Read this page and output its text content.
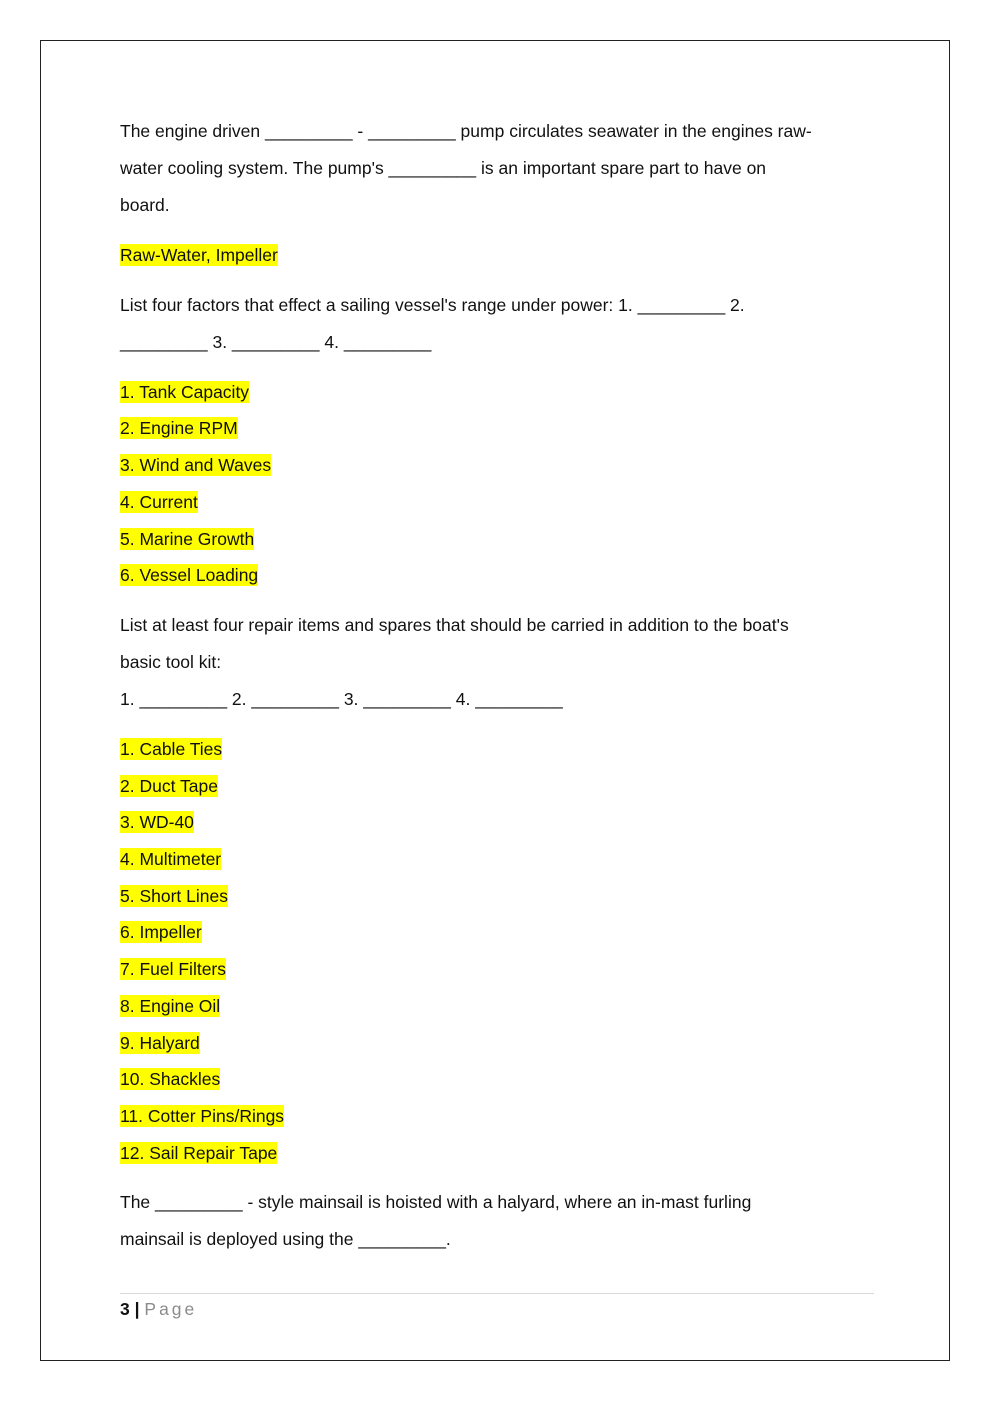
The engine driven _________ - _________ pump circulates seawater in the engines raw-

water cooling system. The pump's _________ is an important spare part to have on

board.

Raw-Water, Impeller

List four factors that effect a sailing vessel's range under power: 1. _________ 2.

_________ 3. _________ 4. _________

1. Tank Capacity

2. Engine RPM

3. Wind and Waves

4. Current

5. Marine Growth

6. Vessel Loading

List at least four repair items and spares that should be carried in addition to the boat's

basic tool kit:

1. _________ 2. _________ 3. _________ 4. _________

1. Cable Ties

2. Duct Tape

3. WD-40

4. Multimeter

5. Short Lines

6. Impeller

7. Fuel Filters

8. Engine Oil

9. Halyard

10. Shackles

11. Cotter Pins/Rings

12. Sail Repair Tape

The _________ - style mainsail is hoisted with a halyard, where an in-mast furling

mainsail is deployed using the _________.

3 | Page
